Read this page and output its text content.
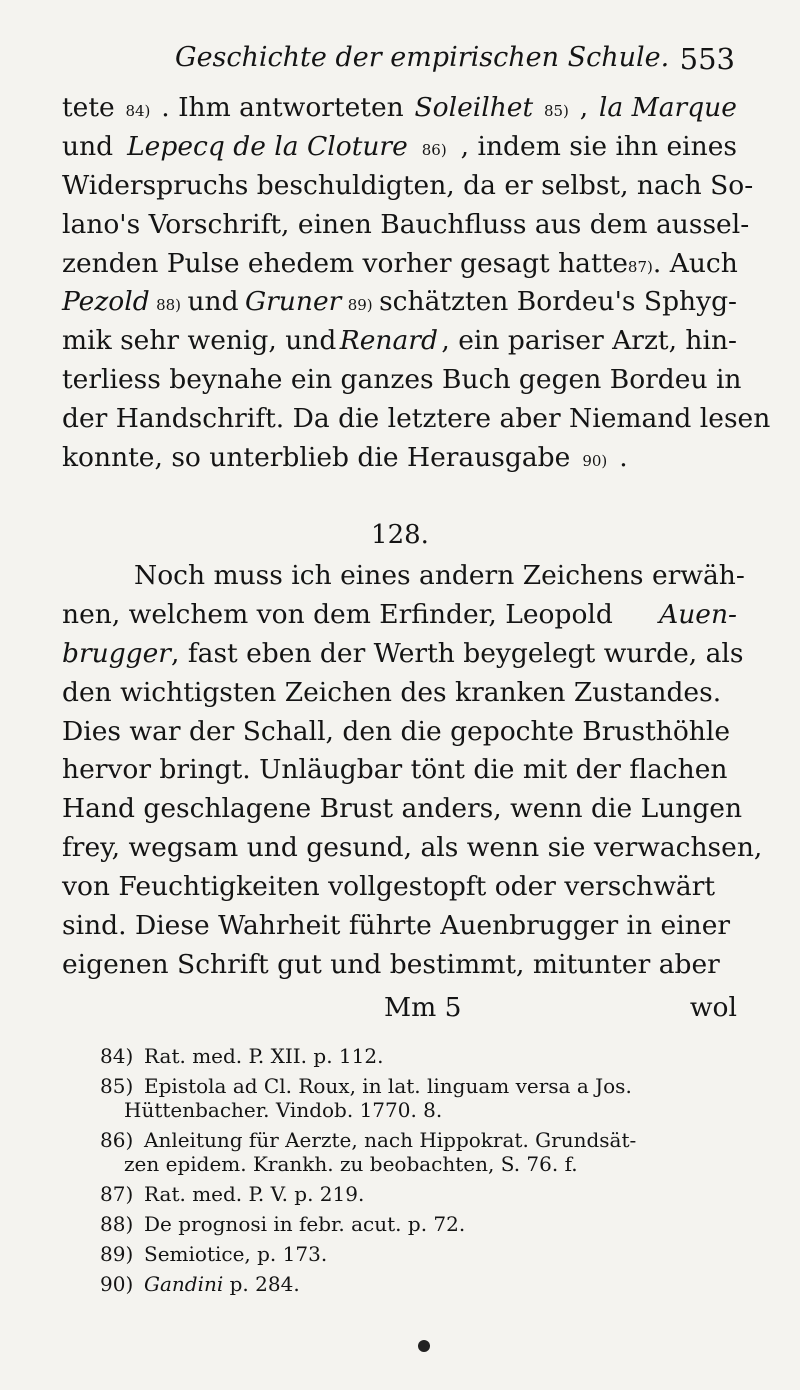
Geschichte der empirischen Schule. 553
tete 84) . Ihm antworteten Soleilhet 85) , la Marque
und Lepecq de la Cloture 86) , indem sie ihn eines
Widerspruchs beschuldigten, da er selbst, nach So-
lano's Vorschrift, einen Bauchfluss aus dem aussel-
zenden Pulse ehedem vorher gesagt hatte 87) . Auch
Pezold 88) und Gruner 89) schätzten Bordeu's Sphyg-
mik sehr wenig, und Renard , ein pariser Arzt, hin-
terliess beynahe ein ganzes Buch gegen Bordeu in
der Handschrift. Da die letztere aber Niemand lesen
konnte, so unterblieb die Herausgabe 90) .
128.
Noch muss ich eines andern Zeichens erwäh-
nen, welchem von dem Erfinder, Leopold Auen-
brugger , fast eben der Werth beygelegt wurde, als
den wichtigsten Zeichen des kranken Zustandes.
Dies war der Schall, den die gepochte Brusthöhle
hervor bringt. Unläugbar tönt die mit der flachen
Hand geschlagene Brust anders, wenn die Lungen
frey, wegsam und gesund, als wenn sie verwachsen,
von Feuchtigkeiten vollgestopft oder verschwärt
sind. Diese Wahrheit führte Auenbrugger in einer
eigenen Schrift gut und bestimmt, mitunter aber
Mm 5	wol
84) Rat. med. P. XII. p. 112.
85) Epistola ad Cl. Roux, in lat. linguam versa a Jos.
Hüttenbacher. Vindob. 1770. 8.
86) Anleitung für Aerzte, nach Hippokrat. Grundsät-
zen epidem. Krankh. zu beobachten, S. 76. f.
87) Rat. med. P. V. p. 219.
88) De prognosi in febr. acut. p. 72.
89) Semiotice, p. 173.
90) Gandini p. 284.
